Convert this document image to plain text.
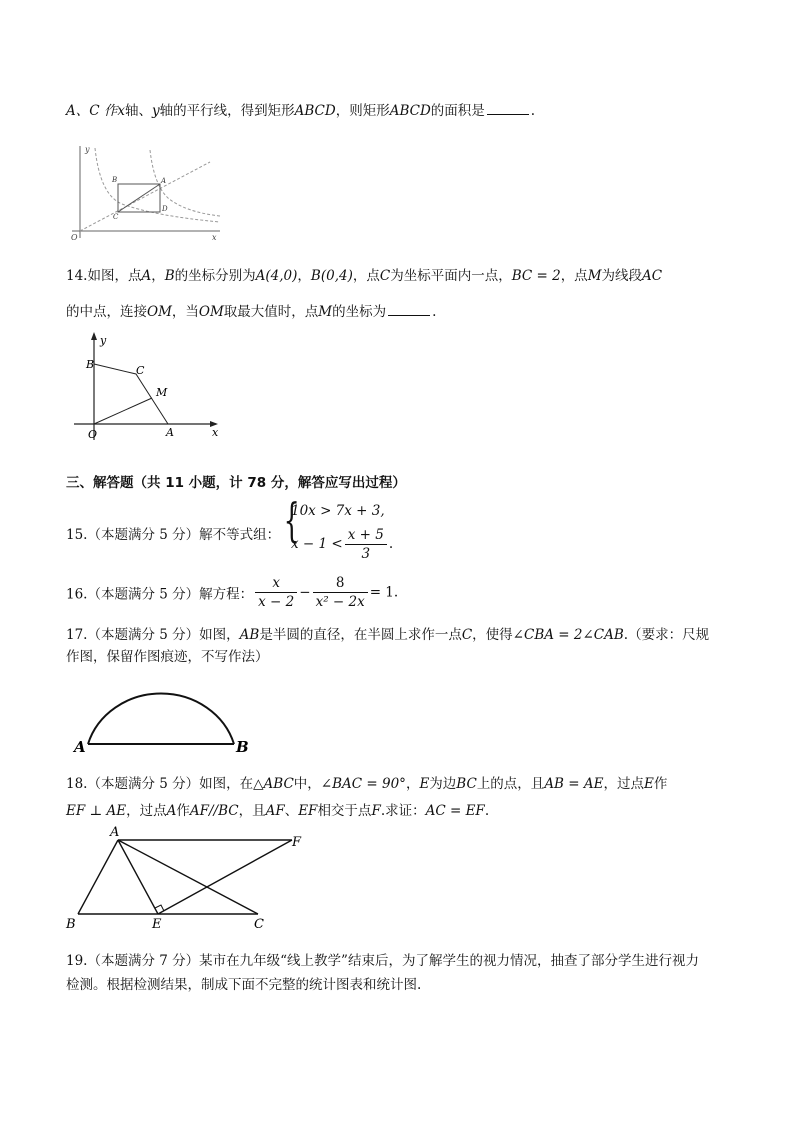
A、C 作x轴、y轴的平行线，得到矩形ABCD，则矩形ABCD的面积是	.
y
x
O
B	A
C
D
14.如图，点A，B的坐标分别为A(4,0)，B(0,4)，点C为坐标平面内一点，BC = 2，点M为线段AC
的中点，连接OM，当OM取最大值时，点M的坐标为	.
y
x
O
B	C
M
A
三、解答题（共 11 小题，计 78 分，解答应写出过程）
15.（本题满分 5 分）解不等式组： {
10x > 7x + 3,
$x - 1 < \frac{x + 5}{3}$ .
16.（本题满分 5 分）解方程： $\frac{x}{x - 2} - \frac{8}{\text{x² − 2x}} = 1$.
17.（本题满分 5 分）如图，AB是半圆的直径，在半圆上求作一点C，使得∠CBA = 2∠CAB.（要求：尺规
作图，保留作图痕迹，不写作法）
A	B
18.（本题满分 5 分）如图，在△ABC中，∠BAC = 90°，E为边BC上的点，且AB = AE，过点E作
EF ⊥ AE，过点A作AF//BC，且AF、EF相交于点F.求证：AC = EF.
A
F
B	E	C
19.（本题满分 7 分）某市在九年级“线上教学”结束后，为了解学生的视力情况，抽查了部分学生进行视力
检测。根据检测结果，制成下面不完整的统计图表和统计图.
